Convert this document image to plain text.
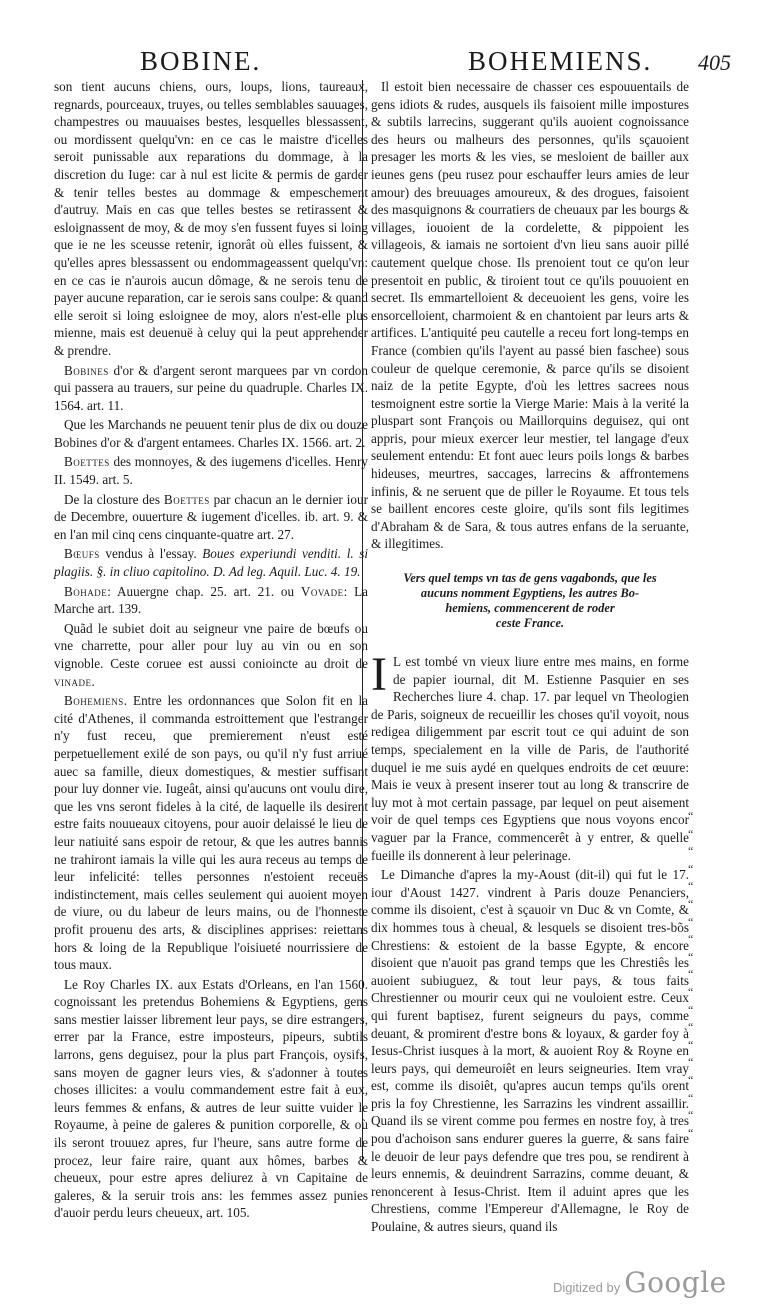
BOBINE.	BOHEMIENS. 405

son tient aucuns chiens, ours, loups, lions, taureaux, regnards, pourceaux, truyes, ou telles semblables sauuages, champestres ou mauuaises bestes, lesquelles blessassent, ou mordissent quelqu'vn: en ce cas le maistre d'icelles seroit punissable aux reparations du dommage, à la discretion du Iuge: car à nul est licite & permis de garder & tenir telles bestes au dommage & empeschement d'autruy. Mais en cas que telles bestes se retirassent & esloignassent de moy, & de moy s'en fussent fuyes si loing que ie ne les sceusse retenir, ignorât où elles fuissent, & qu'elles apres blessassent ou endommageassent quelqu'vn: en ce cas ie n'aurois aucun dômage, & ne serois tenu de payer aucune reparation, car ie serois sans coulpe: & quand elle seroit si loing esloignee de moy, alors n'est-elle plus mienne, mais est deuenuë à celuy qui la peut apprehender & prendre.

Bobines d'or & d'argent seront marquees par vn cordon qui passera au trauers, sur peine du quadruple. Charles IX. 1564. art. 11.

Que les Marchands ne peuuent tenir plus de dix ou douze Bobines d'or & d'argent entamees. Charles IX. 1566. art. 2.

Boettes des monnoyes, & des iugemens d'icelles. Henry II. 1549. art. 5.

De la closture des Boettes par chacun an le dernier iour de Decembre, ouuerture & iugement d'icelles. ib. art. 9. & en l'an mil cinq cens cinquante-quatre art. 27.

Bœufs vendus à l'essay. Boues experiundi venditi. l. si plagiis. §. in cliuo capitolino. D. Ad leg. Aquil. Luc. 4. 19.

Bohade: Auuergne chap. 25. art. 21. ou Vovade: La Marche art. 139.

Quãd le subiet doit au seigneur vne paire de bœufs ou vne charrette, pour aller pour luy au vin ou en son vignoble. Ceste coruee est aussi conioincte au droit de vinade.

Bohemiens. Entre les ordonnances que Solon fit en la cité d'Athenes, il commanda estroittement que l'estranger n'y fust receu, que premierement n'eust esté perpetuellement exilé de son pays, ou qu'il n'y fust arriué auec sa famille, dieux domestiques, & mestier suffisant pour luy donner vie. Iugeât, ainsi qu'aucuns ont voulu dire, que les vns seront fideles à la cité, de laquelle ils desirent estre faits nouueaux citoyens, pour auoir delaissé le lieu de leur natiuité sans espoir de retour, & que les autres bannis ne trahiront iamais la ville qui les aura receus au temps de leur infelicité: telles personnes n'estoient receuës indistinctement, mais celles seulement qui auoient moyen de viure, ou du labeur de leurs mains, ou de l'honneste profit prouenu des arts, & disciplines apprises: reiettans hors & loing de la Republique l'oisiueté nourrissiere de tous maux.

Le Roy Charles IX. aux Estats d'Orleans, en l'an 1560. cognoissant les pretendus Bohemiens & Egyptiens, gens sans mestier laisser librement leur pays, se dire estrangers, errer par la France, estre imposteurs, pipeurs, subtils larrons, gens deguisez, pour la plus part François, oysifs, sans moyen de gagner leurs vies, & s'adonner à toutes choses illicites: a voulu commandement estre fait à eux, leurs femmes & enfans, & autres de leur suitte vuider le Royaume, à peine de galeres & punition corporelle, & où ils seront trouuez apres, fur l'heure, sans autre forme de procez, leur faire raire, quant aux hômes, barbes & cheueux, pour estre apres deliurez à vn Capitaine de galeres, & la seruir trois ans: les femmes assez punies d'auoir perdu leurs cheueux, art. 105.

Il estoit bien necessaire de chasser ces espouuentails de gens idiots & rudes, ausquels ils faisoient mille impostures & subtils larrecins, suggerant qu'ils auoient cognoissance des heurs ou malheurs des personnes, qu'ils sçauoient presager les morts & les vies, se mesloient de bailler aux ieunes gens (peu rusez pour eschauffer leurs amies de leur amour) des breuuages amoureux, & des drogues, faisoient des masquignons & courratiers de cheuaux par les bourgs & villages, iouoient de la cordelette, & pippoient les villageois, & iamais ne sortoient d'vn lieu sans auoir pillé cautement quelque chose. Ils prenoient tout ce qu'on leur presentoit en public, & tiroient tout ce qu'ils pouuoient en secret. Ils emmartelloient & deceuoient les gens, voire les ensorcelloient, charmoient & en chantoient par leurs arts & artifices. L'antiquité peu cautelle a receu fort long-temps en France (combien qu'ils l'ayent au passé bien faschee) sous couleur de quelque ceremonie, & parce qu'ils se disoient naiz de la petite Egypte, d'où les lettres sacrees nous tesmoignent estre sortie la Vierge Marie: Mais à la verité la pluspart sont François ou Maillorquins deguisez, qui ont appris, pour mieux exercer leur mestier, tel langage d'eux seulement entendu: Et font auec leurs poils longs & barbes hideuses, meurtres, saccages, larrecins & affrontemens infinis, & ne seruent que de piller le Royaume. Et tous tels se baillent encores ceste gloire, qu'ils sont fils legitimes d'Abraham & de Sara, & tous autres enfans de la seruante, & illegitimes.

Vers quel temps vn tas de gens vagabonds, que les
aucuns nomment Egyptiens, les autres Bo-
hemiens, commencerent de roder
ceste France.

I L est tombé vn vieux liure entre mes mains, en forme de papier iournal, dit M. Estienne Pasquier en ses Recherches liure 4. chap. 17. par lequel vn Theologien de Paris, soigneux de recueillir les choses qu'il voyoit, nous redigea diligemment par escrit tout ce qui aduint de son temps, specialement en la ville de Paris, de l'authorité duquel ie me suis aydé en quelques endroits de cet œuure: Mais ie veux à present inserer tout au long & transcrire de luy mot à mot certain passage, par lequel on peut aisement voir de quel temps ces Egyptiens que nous voyons encor vaguer par la France, commencerêt à y entrer, & quelle fueille ils donnerent à leur pelerinage.

Le Dimanche d'apres la my-Aoust (dit-il) qui fut le 17. iour d'Aoust 1427. vindrent à Paris douze Penanciers, comme ils disoient, c'est à sçauoir vn Duc & vn Comte, & dix hommes tous à cheual, & lesquels se disoient tres-bõs Chrestiens: & estoient de la basse Egypte, & encore disoient que n'auoit pas grand temps que les Chrestiês les auoient subiuguez, & tout leur pays, & tous faits Chrestienner ou mourir ceux qui ne vouloient estre. Ceux qui furent baptisez, furent seigneurs du pays, comme deuant, & promirent d'estre bons & loyaux, & garder foy à Iesus-Christ iusques à la mort, & auoient Roy & Royne en leurs pays, qui demeuroiêt en leurs seigneuries. Item vray est, comme ils disoiêt, qu'apres aucun temps qu'ils orent pris la foy Chrestienne, les Sarrazins les vindrent assaillir. Quand ils se virent comme pou fermes en nostre foy, à tres pou d'achoison sans endurer gueres la guerre, & sans faire le deuoir de leur pays defendre que tres pou, se rendirent à leurs ennemis, & deuindrent Sarrazins, comme deuant, & renoncerent à Iesus-Christ. Item il aduint apres que les Chrestiens, comme l'Empereur d'Allemagne, le Roy de Poulaine, & autres sieurs, quand ils

“
“
“
“
“
“
“
“
“
“
“
“
“
“
“
“
“
“
“
Digitized by Google
